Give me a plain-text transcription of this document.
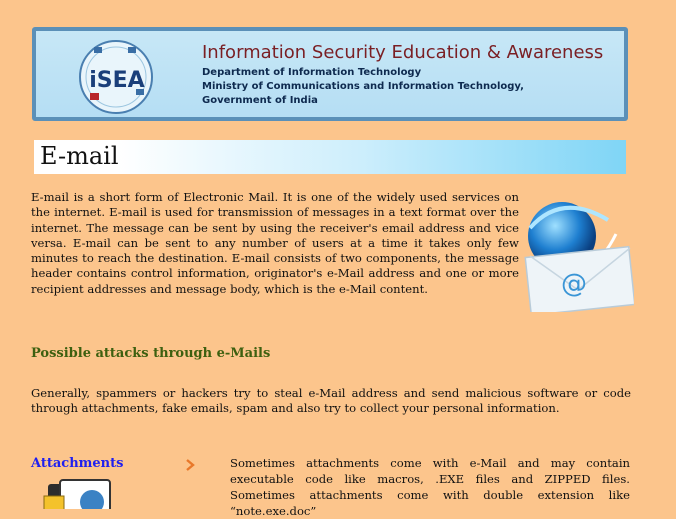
iSEA
Information Security Education & Awareness
Department of Information Technology
Ministry of Communications and Information Technology,
Government of India
E-mail

E-mail is a short form of Electronic Mail. It is one of the widely used services on the internet. E-mail is used for transmission of messages in a text format over the internet. The message can be sent by using the receiver's email address and vice versa. E-mail can be sent to any number of users at a time it takes only few minutes to reach the destination. E-mail consists of two components, the message header contains control information, originator's e-Mail address and one or more recipient addresses and message body, which is the e-Mail content.	@
Possible attacks through e-Mails

Generally, spammers or hackers try to steal e-Mail address and send malicious software or code through attachments, fake emails, spam and also try to collect your personal information.

Attachments	Sometimes attachments come with e-Mail and may contain executable code like macros, .EXE files and ZIPPED files. Sometimes attachments come with double extension like “note.exe.doc”
